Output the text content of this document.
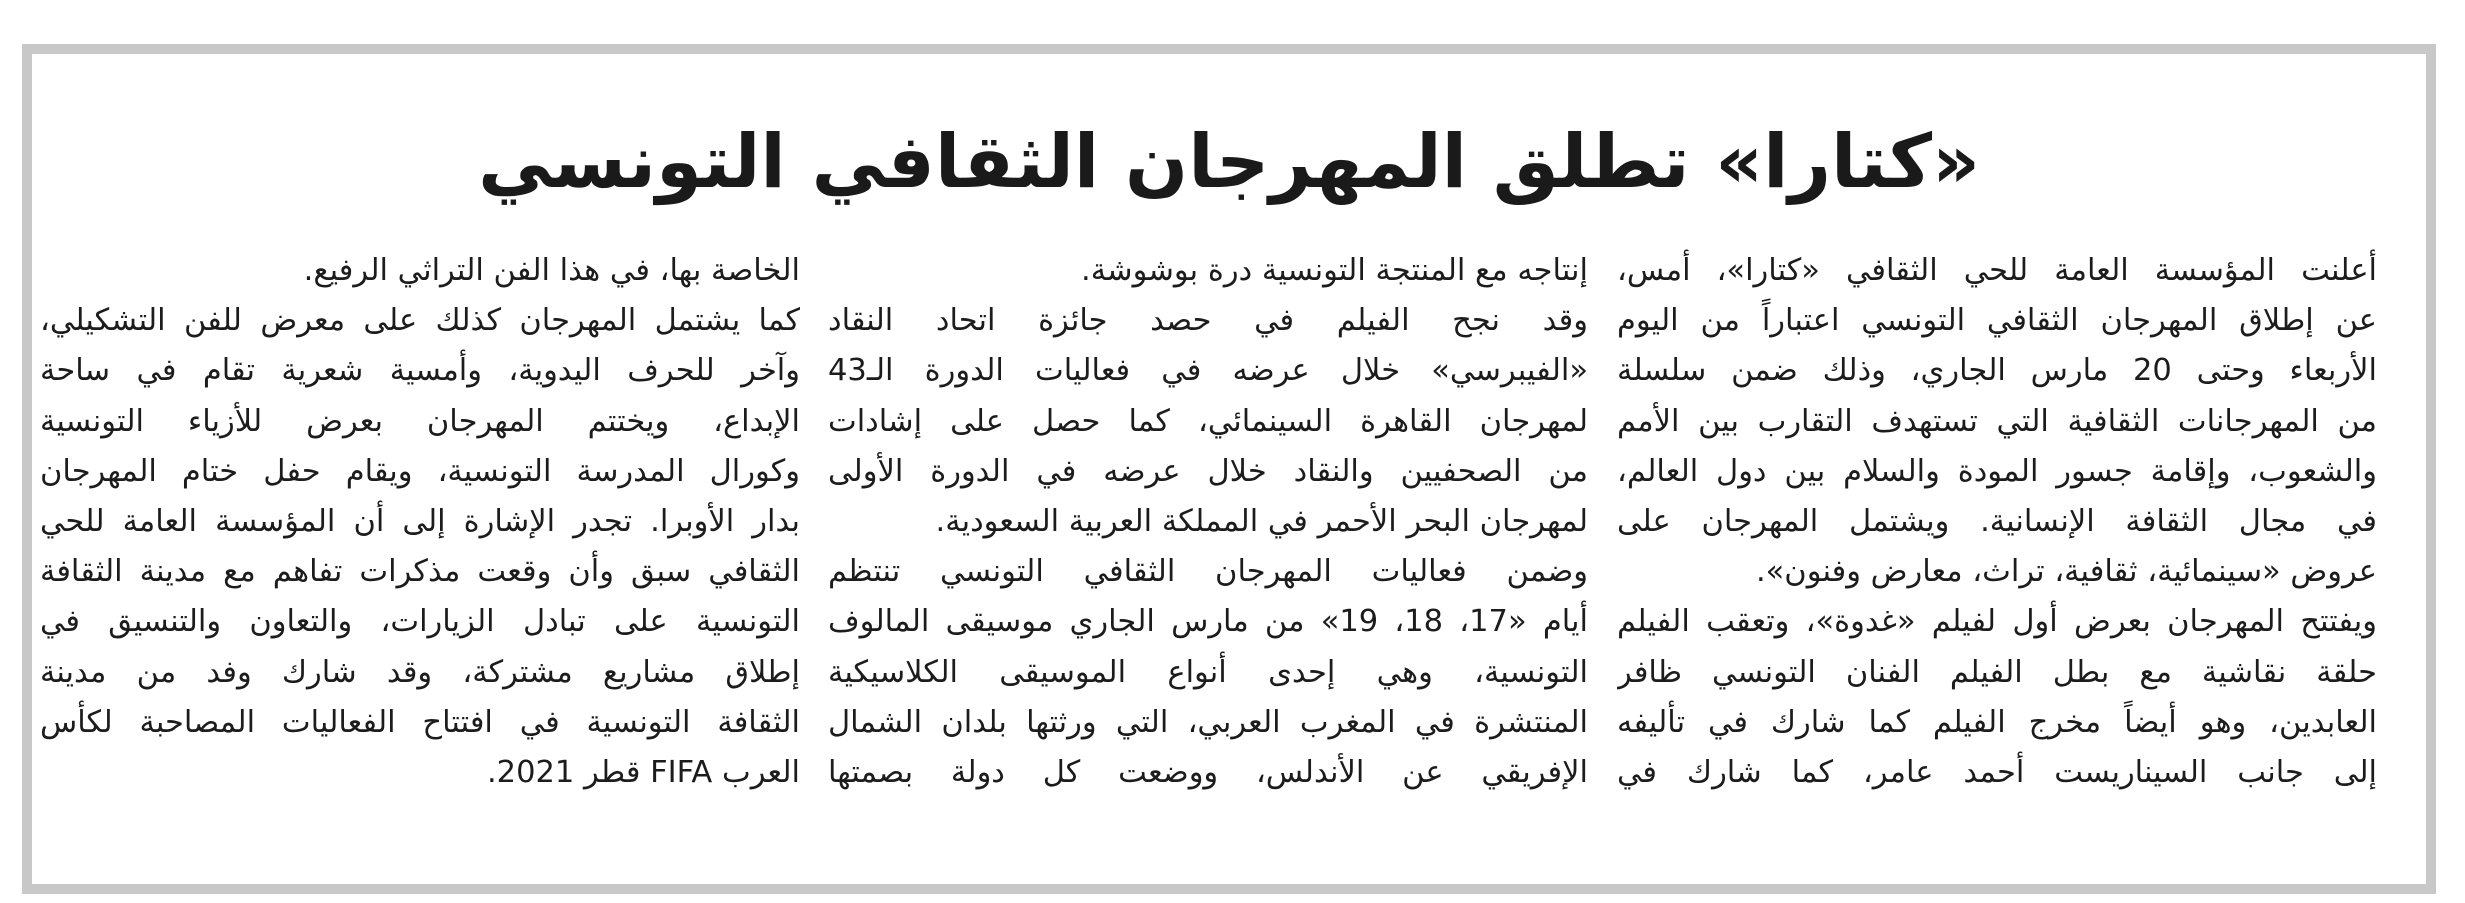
«كتارا» تطلق المهرجان الثقافي التونسي
أعلنت المؤسسة العامة للحي الثقافي «كتارا»، أمس،
عن إطلاق المهرجان الثقافي التونسي اعتباراً من اليوم
الأربعاء وحتى 20 مارس الجاري، وذلك ضمن سلسلة
من المهرجانات الثقافية التي تستهدف التقارب بين الأمم
والشعوب، وإقامة جسور المودة والسلام بين دول العالم،
في مجال الثقافة الإنسانية. ويشتمل المهرجان على
عروض «سينمائية، ثقافية، تراث، معارض وفنون».
ويفتتح المهرجان بعرض أول لفيلم «غدوة»، وتعقب الفيلم
حلقة نقاشية مع بطل الفيلم الفنان التونسي ظافر
العابدين، وهو أيضاً مخرج الفيلم كما شارك في تأليفه
إلى جانب السيناريست أحمد عامر، كما شارك في
إنتاجه مع المنتجة التونسية درة بوشوشة.
وقد نجح الفيلم في حصد جائزة اتحاد النقاد
«الفيبرسي» خلال عرضه في فعاليات الدورة الـ43
لمهرجان القاهرة السينمائي، كما حصل على إشادات
من الصحفيين والنقاد خلال عرضه في الدورة الأولى
لمهرجان البحر الأحمر في المملكة العربية السعودية.
وضمن فعاليات المهرجان الثقافي التونسي تنتظم
أيام «17، 18، 19» من مارس الجاري موسيقى المالوف
التونسية، وهي إحدى أنواع الموسيقى الكلاسيكية
المنتشرة في المغرب العربي، التي ورثتها بلدان الشمال
الإفريقي عن الأندلس، ووضعت كل دولة بصمتها
الخاصة بها، في هذا الفن التراثي الرفيع.
كما يشتمل المهرجان كذلك على معرض للفن التشكيلي،
وآخر للحرف اليدوية، وأمسية شعرية تقام في ساحة
الإبداع، ويختتم المهرجان بعرض للأزياء التونسية
وكورال المدرسة التونسية، ويقام حفل ختام المهرجان
بدار الأوبرا. تجدر الإشارة إلى أن المؤسسة العامة للحي
الثقافي سبق وأن وقعت مذكرات تفاهم مع مدينة الثقافة
التونسية على تبادل الزيارات، والتعاون والتنسيق في
إطلاق مشاريع مشتركة، وقد شارك وفد من مدينة
الثقافة التونسية في افتتاح الفعاليات المصاحبة لكأس
العرب FIFA قطر 2021.
